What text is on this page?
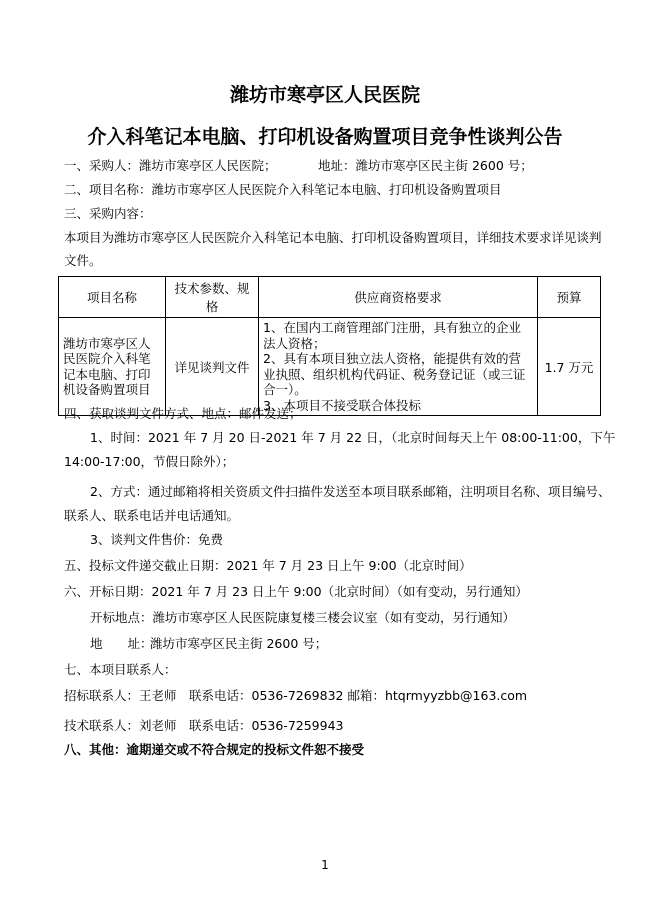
潍坊市寒亭区人民医院
介入科笔记本电脑、打印机设备购置项目竞争性谈判公告
一、采购人：潍坊市寒亭区人民医院；	地址：潍坊市寒亭区民主街 2600 号；
二、项目名称：潍坊市寒亭区人民医院介入科笔记本电脑、打印机设备购置项目
三、采购内容：
本项目为潍坊市寒亭区人民医院介入科笔记本电脑、打印机设备购置项目，详细技术要求详见谈判
文件。
项目名称	技术参数、规格	供应商资格要求	预算
潍坊市寒亭区人民医院介入科笔记本电脑、打印机设备购置项目	详见谈判文件	1、在国内工商管理部门注册，具有独立的企业法人资格；
2、具有本项目独立法人资格，能提供有效的营业执照、组织机构代码证、税务登记证（或三证合一）。
3、本项目不接受联合体投标	1.7 万元
四、获取谈判文件方式、地点：邮件发送；
1、时间：2021 年 7 月 20 日-2021 年 7 月 22 日，（北京时间每天上午 08:00-11:00，下午
14:00-17:00，节假日除外）；
2、方式：通过邮箱将相关资质文件扫描件发送至本项目联系邮箱，注明项目名称、项目编号、
联系人、联系电话并电话通知。
3、谈判文件售价：免费
五、投标文件递交截止日期：2021 年 7 月 23 日上午 9:00（北京时间）
六、开标日期：2021 年 7 月 23 日上午 9:00（北京时间）（如有变动，另行通知）
开标地点：潍坊市寒亭区人民医院康复楼三楼会议室（如有变动，另行通知）
地　　址：
潍坊市寒亭区民主街 2600 号；
七、本项目联系人：
招标联系人：王老师　联系电话：0536-7269832 邮箱：htqrmyyzbb@163.com
技术联系人：刘老师　联系电话：0536-7259943
八、其他：逾期递交或不符合规定的投标文件恕不接受
1
